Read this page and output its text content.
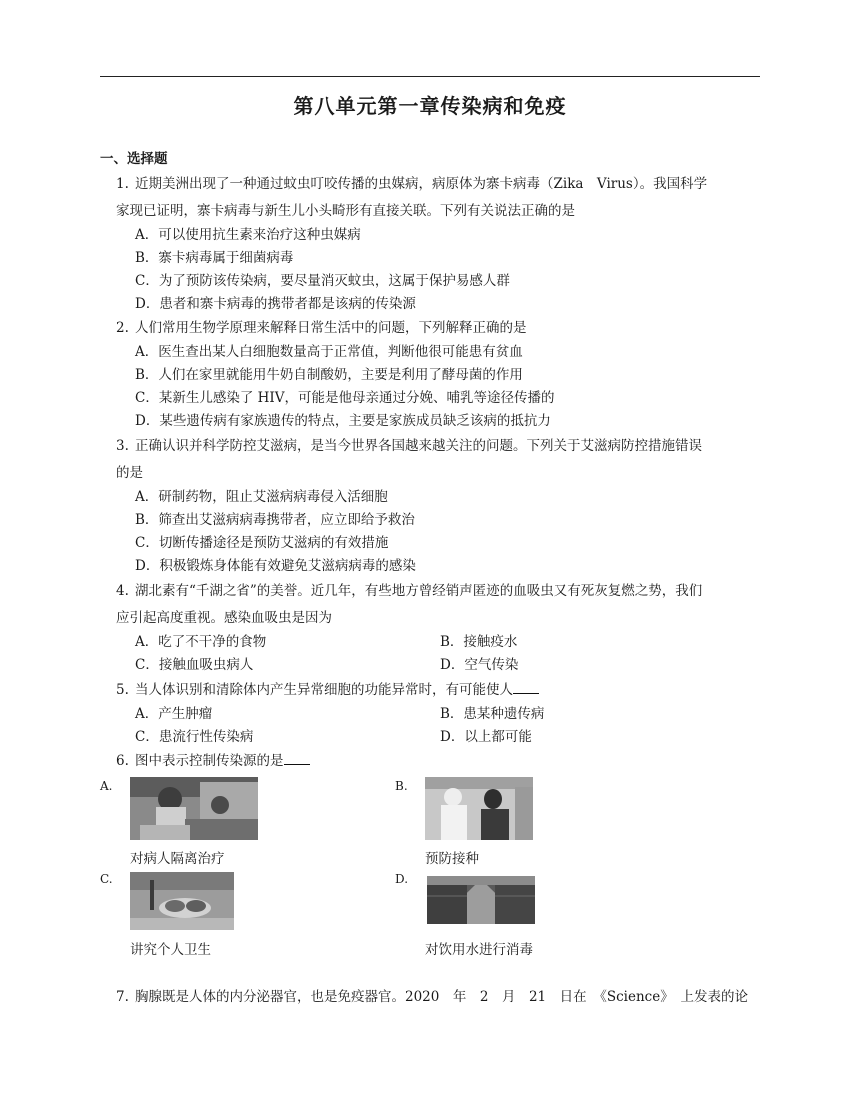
第八单元第一章传染病和免疫
一、选择题
1. 近期美洲出现了一种通过蚊虫叮咬传播的虫媒病，病原体为寨卡病毒（Zika　Virus）。我国科学
家现已证明，寨卡病毒与新生儿小头畸形有直接关联。下列有关说法正确的是
A．可以使用抗生素来治疗这种虫媒病
B．寨卡病毒属于细菌病毒
C．为了预防该传染病，要尽量消灭蚊虫，这属于保护易感人群
D．患者和寨卡病毒的携带者都是该病的传染源
2. 人们常用生物学原理来解释日常生活中的问题，下列解释正确的是
A．医生查出某人白细胞数量高于正常值，判断他很可能患有贫血
B．人们在家里就能用牛奶自制酸奶，主要是利用了酵母菌的作用
C．某新生儿感染了 HIV，可能是他母亲通过分娩、哺乳等途径传播的
D．某些遗传病有家族遗传的特点，主要是家族成员缺乏该病的抵抗力
3. 正确认识并科学防控艾滋病，是当今世界各国越来越关注的问题。下列关于艾滋病防控措施错误
的是
A．研制药物，阻止艾滋病病毒侵入活细胞
B．筛查出艾滋病病毒携带者，应立即给予救治
C．切断传播途径是预防艾滋病的有效措施
D．积极锻炼身体能有效避免艾滋病病毒的感染
4. 湖北素有“千湖之省”的美誉。近几年，有些地方曾经销声匿迹的血吸虫又有死灰复燃之势，我们
应引起高度重视。感染血吸虫是因为
A．吃了不干净的食物	B．接触疫水
C．接触血吸虫病人	D．空气传染
5. 当人体识别和清除体内产生异常细胞的功能异常时，有可能使人
A．产生肿瘤	B．患某种遗传病
C．患流行性传染病	D．以上都可能
6. 图中表示控制传染源的是
A.
对病人隔离治疗
B.
预防接种
C.
讲究个人卫生
D.
对饮用水进行消毒
7. 胸腺既是人体的内分泌器官，也是免疫器官。2020　年　2　月　21　日在　《Science》　上发表的论
